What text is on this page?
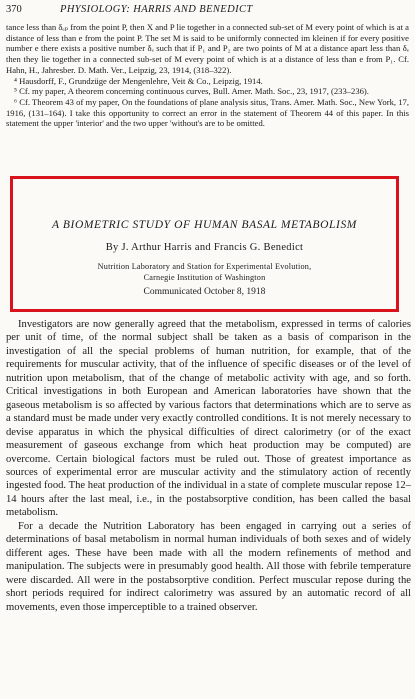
370	PHYSIOLOGY: HARRIS AND BENEDICT

tance less than δₑₚ from the point P, then X and P lie together in a connected sub-set of M every point of which is at a distance of less than e from the point P. The set M is said to be uniformly connected im kleinen if for every positive number e there exists a positive number δₑ such that if P₁ and P₂ are two points of M at a distance apart less than δₑ then they lie together in a connected sub-set of M every point of which is at a distance of less than e from P₁. Cf. Hahn, H., Jahresber. D. Math. Ver., Leipzig, 23, 1914, (318–322).

⁴ Hausdorff, F., Grundzüge der Mengenlehre, Veit & Co., Leipzig, 1914.

⁵ Cf. my paper, A theorem concerning continuous curves, Bull. Amer. Math. Soc., 23, 1917, (233–236).

⁶ Cf. Theorem 43 of my paper, On the foundations of plane analysis situs, Trans. Amer. Math. Soc., New York, 17, 1916, (131–164). I take this opportunity to correct an error in the statement of Theorem 44 of this paper. In this statement the upper 'interior' and the two upper 'without's are to be omitted.

A BIOMETRIC STUDY OF HUMAN BASAL METABOLISM
By J. Arthur Harris and Francis G. Benedict
Nutrition Laboratory and Station for Experimental Evolution,
Carnegie Institution of Washington
Communicated October 8, 1918

Investigators are now generally agreed that the metabolism, expressed in terms of calories per unit of time, of the normal subject shall be taken as a basis of comparison in the investigation of all the special problems of human nutrition, for example, that of the requirements for muscular activity, that of the influence of specific diseases or of the level of nutrition upon metabolism, that of the change of metabolic activity with age, and so forth. Critical investigations in both European and American laboratories have shown that the gaseous metabolism is so affected by various factors that determinations which are to serve as a standard must be made under very exactly controlled conditions. It is not merely necessary to devise apparatus in which the physical difficulties of direct calorimetry (or of the exact measurement of gaseous exchange from which heat production may be computed) are overcome. Certain biological factors must be ruled out. Those of greatest importance as sources of experimental error are muscular activity and the stimulatory action of recently ingested food. The heat production of the individual in a state of complete muscular repose 12–14 hours after the last meal, i.e., in the postabsorptive condition, has been called the basal metabolism.

For a decade the Nutrition Laboratory has been engaged in carrying out a series of determinations of basal metabolism in normal human individuals of both sexes and of widely different ages. These have been made with all the modern refinements of method and manipulation. The subjects were in presumably good health. All those with febrile temperature were discarded. All were in the postabsorptive condition. Perfect muscular repose during the short periods required for indirect calorimetry was assured by an automatic record of all movements, even those imperceptible to a trained observer.
